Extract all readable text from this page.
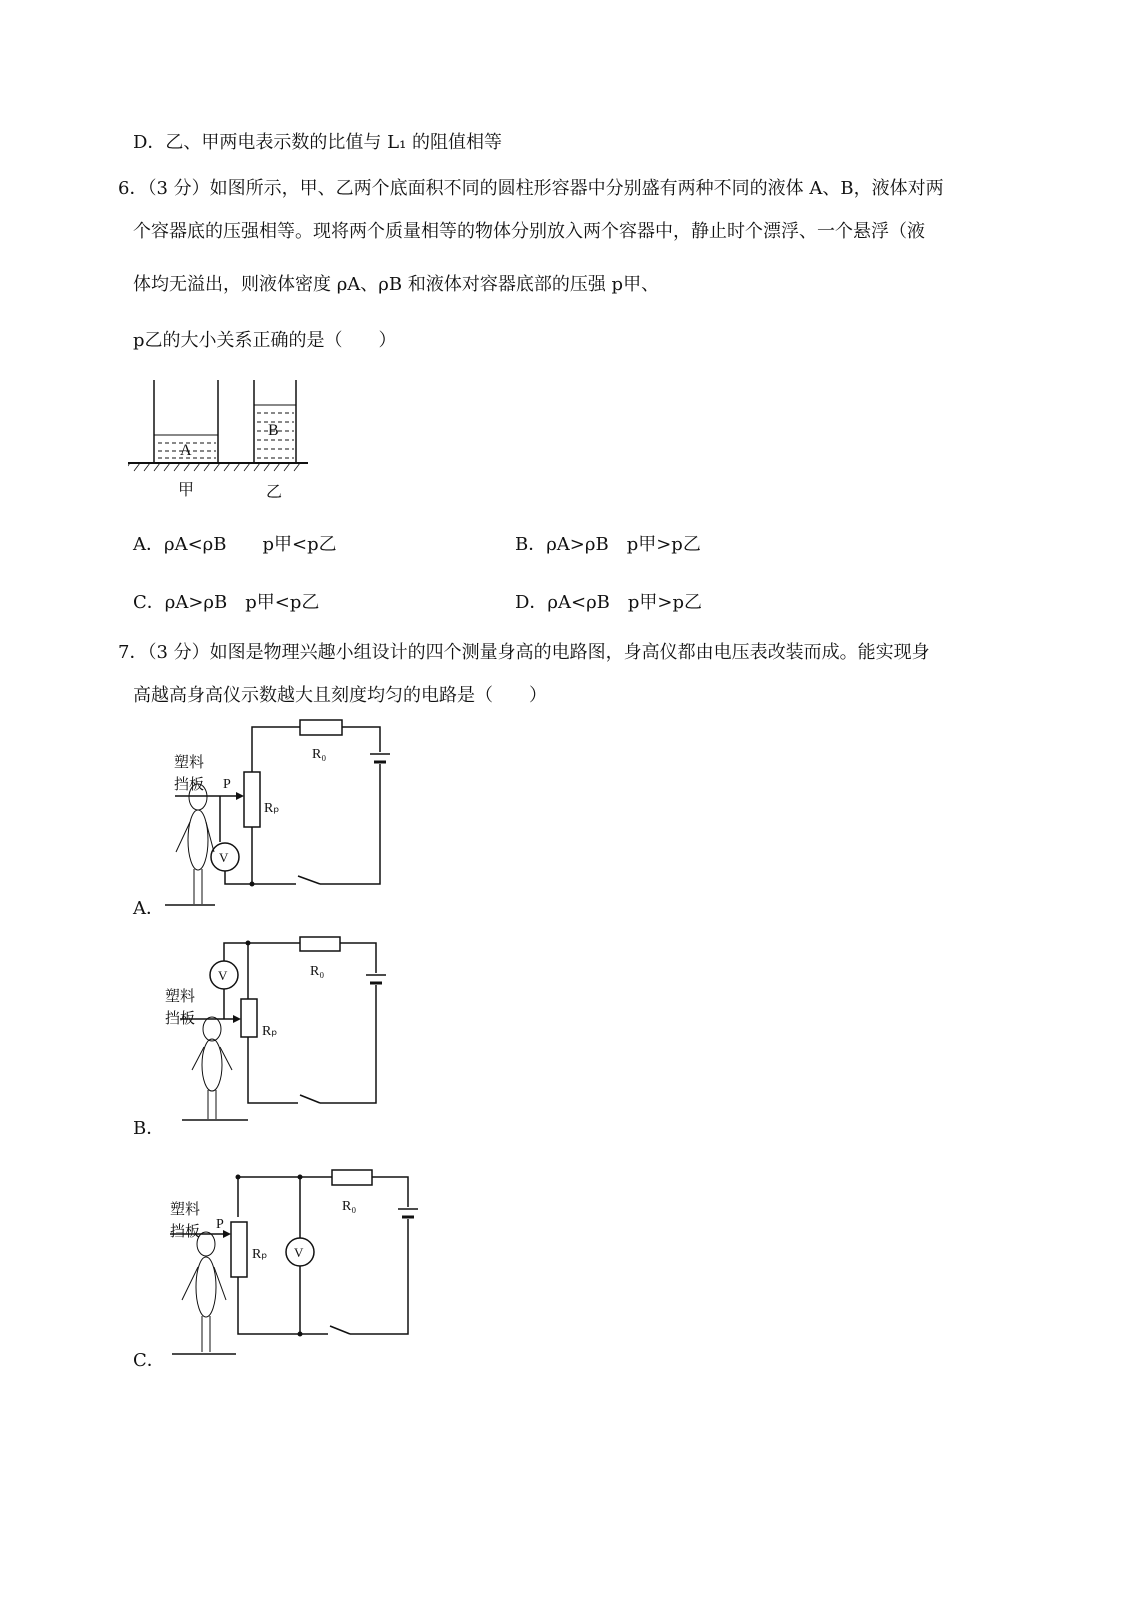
D．乙、甲两电表示数的比值与 L₁ 的阻值相等
6．（3 分）如图所示，甲、乙两个底面积不同的圆柱形容器中分别盛有两种不同的液体 A、B，液体对两
个容器底的压强相等。现将两个质量相等的物体分别放入两个容器中，静止时个漂浮、一个悬浮（液
体均无溢出，则液体密度 ρA、ρB 和液体对容器底部的压强 p甲、
p乙的大小关系正确的是（　　）
A
B
甲	乙
A．ρA<ρB　　p甲<p乙	B．ρA>ρB　p甲>p乙
C．ρA>ρB　p甲<p乙	D．ρA<ρB　p甲>p乙
7．（3 分）如图是物理兴趣小组设计的四个测量身高的电路图，身高仪都由电压表改装而成。能实现身
高越高身高仪示数越大且刻度均匀的电路是（　　）
V
塑料
挡板 P
Rₚ
R₀
A．
V
塑料
挡板
Rₚ
R₀
B．
V
塑料
挡板 P
Rₚ
R₀
C．
